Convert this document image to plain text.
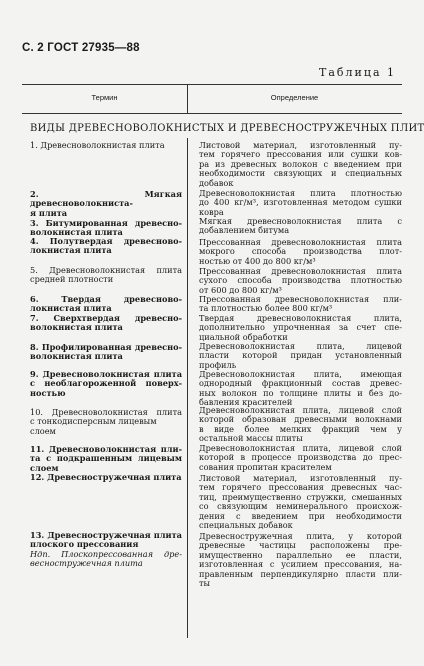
С. 2 ГОСТ 27935—88
Таблица 1
Термин	Определение
ВИДЫ ДРЕВЕСНОВОЛОКНИСТЫХ И ДРЕВЕСНОСТРУЖЕЧНЫХ ПЛИТ
1. Древесноволокнистая плита	Листовой материал, изготовленный пу-
тем горячего прессования или сушки ков-
ра из древесных волокон с введением при
необходимости связующих и специальных
добавок
2. Мягкая древесноволокниста-
я плита
Древесноволокнистая плита плотностью
до 400 кг/м³, изготовленная методом сушки
ковра
3. Битумированная древесно-
волокнистая плита
Мягкая древесноволокнистая плита с
добавлением битума
4. Полутвердая древесново-
локнистая плита
Прессованная древесноволокнистая плита
мокрого способа производства плот-
ностью от 400 до 800 кг/м³
5. Древесноволокнистая плита
средней плотности
Прессованная древесноволокнистая плита
сухого способа производства плотностью
от 600 до 800 кг/м³
6. Твердая древесново-
локнистая плита
Прессованная древесноволокнистая пли-
та плотностью более 800 кг/м³
7. Сверхтвердая древесно-
волокнистая плита
Твердая древесноволокнистая плита,
дополнительно упрочненная за счет спе-
циальной обработки
8. Профилированная древесно-
волокнистая плита
Древесноволокнистая плита, лицевой
пласти которой придан установленный
профиль
9. Древесноволокнистая плита
с необлагороженной поверх-
ностью
Древесноволокнистая плита, имеющая
однородный фракционный состав древес-
ных волокон по толщине плиты и без до-
бавления красителей
10. Древесноволокнистая плита
с тонкодисперсным лицевым слоем
Древесноволокнистая плита, лицевой слой
которой образован древесными волокнами
в виде более мелких фракций чем у
остальной массы плиты
11. Древесноволокнистая пли-
та с подкрашенным лицевым
слоем
Древесноволокнистая плита, лицевой слой
которой в процессе производства до прес-
сования пропитан красителем
12. Древесностружечная плита Листовой материал, изготовленный пу-
тем горячего прессования древесных час-
тиц, преимущественно стружки, смешанных
со связующим неминерального происхож-
дения с введением при необходимости
специальных добавок
13. Древесностружечная плита
плоского прессования
Ндп. Плоскопрессованная дре-
весностружечная плита
Древесностружечная плита, у которой
древесные частицы расположены пре-
имущественно параллельно ее пласти,
изготовленная с усилием прессования, на-
правленным перпендикулярно пласти пли-
ты
